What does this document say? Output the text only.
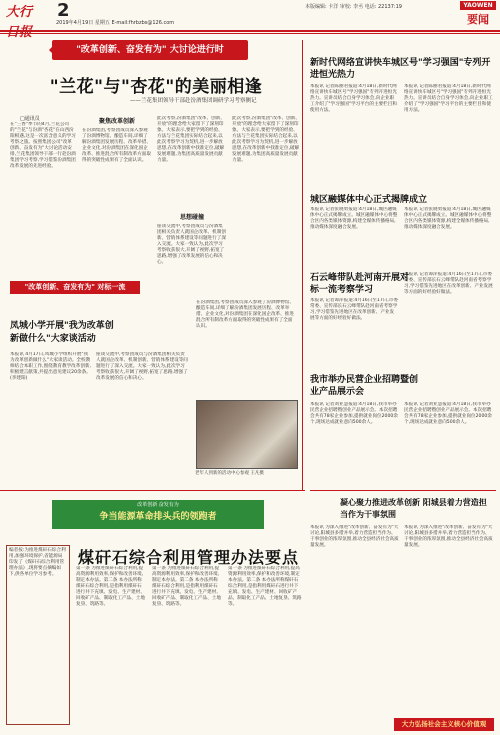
大行	2
2019年4月19日 星期五 E-mail:fhrbzbs@126.com
本版编辑: 卡洋 审校: 李丞 电话: 22137:19	YAOWEN
要闻
"改革创新、奋发有为" 大讨论进行时
"兰花"与"杏花"的美丽相逢
——兰花集团领导干部赴汾酒集团调研学习考察侧记
□通讯员
在"三香"季节的4月,兰花公司的"兰花"与汾酒"杏花"在山西汾阳相遇,这是一次富含意义的学习考察之旅。按照集团公司"改革创新、奋发有为"大讨论活动安排,兰花集团领导干部一行赴汾酒集团学习考察,学习借鉴汾酒集团改革发展的先进经验。
聚焦改革创新
在汾酒集团,考察团成员深入参观了汾酒博物馆、酿造车间,详细了解汾酒集团发展历程、改革举措、企业文化,对汾酒集团在深化国企改革、推进混合所有制改革方面取得的突破性成果有了全面认识。
此次考察,汾酒集团"改革、创新、开放"的理念给大家留下了深刻印象。大家表示,要把学到的经验、方法与兰花集团实际结合起来,以此次考察学习为契机,进一步解放思想,在改革创新中找准定位,破解发展难题,为集团高质量发展贡献力量。
思想碰撞
座谈交流中,考察团成员与汾酒集团相关负责人就国企改革、机制创新、营销体系建设等问题进行了深入交流。大家一致认为,此次学习考察收获很大,开阔了视野,拓宽了思路,增强了改革发展的信心和决心。
此次考察,汾酒集团"改革、创新、开放"的理念给大家留下了深刻印象。大家表示,要把学到的经验、方法与兰花集团实际结合起来,以此次考察学习为契机,进一步解放思想,在改革创新中找准定位,破解发展难题,为集团高质量发展贡献力量。
"改革创新、奋发有为" 对标一流
凤城小学开展"我为改革创新做什么"大家谈活动
本报讯 4月17日,凤城小学组织开展"我为改革创新做什么"大家谈活动。全校教师结合本职工作,围绕教育教学改革创新,积极建言献策,共提出意见建议20余条。(李建阳)
座谈交流中,考察团成员与汾酒集团相关负责人就国企改革、机制创新、营销体系建设等问题进行了深入交流。大家一致认为,此次学习考察收获很大,开阔了视野,拓宽了思路,增强了改革发展的信心和决心。
在汾酒集团,考察团成员深入参观了汾酒博物馆、酿造车间,详细了解汾酒集团发展历程、改革举措、企业文化,对汾酒集团在深化国企改革、推进混合所有制改革方面取得的突破性成果有了全面认识。
老年人到新的活动中心参观 王凡摄
改革创新 奋发有为
争当能源革命排头兵的领跑者
煤矸石综合利用管理办法要点
编者按:为推进煤矸石综合利用,加强环境保护,省能源局印发了《煤矸石综合利用管理办法》,现将要点摘编如下,供各单位学习参考。
第一条 为推进煤矸石综合利用,提高资源利用效率,保护和改善环境,制定本办法。第二条 本办法所称煤矸石综合利用,是指利用煤矸石进行井下充填、发电、生产建材、回收矿产品、制取化工产品、土地复垦、筑路等。
第一条 为推进煤矸石综合利用,提高资源利用效率,保护和改善环境,制定本办法。第二条 本办法所称煤矸石综合利用,是指利用煤矸石进行井下充填、发电、生产建材、回收矿产品、制取化工产品、土地复垦、筑路等。
第一条 为推进煤矸石综合利用,提高资源利用效率,保护和改善环境,制定本办法。第二条 本办法所称煤矸石综合利用,是指利用煤矸石进行井下充填、发电、生产建材、回收矿产品、制取化工产品、土地复垦、筑路等。
新时代网络宣讲快车城区号"学习强国"专列开进恒光热力
本报讯 记者陈丽君报道:4月18日,新时代网络宣讲快车城区号"学习强国"专列开进恒光热力。宣讲员结合自身学习体会,向企业职工介绍了"学习强国"学习平台的主要栏目和使用方法。
本报讯 记者陈丽君报道:4月18日,新时代网络宣讲快车城区号"学习强国"专列开进恒光热力。宣讲员结合自身学习体会,向企业职工介绍了"学习强国"学习平台的主要栏目和使用方法。
城区融媒体中心正式揭牌成立
本报讯 记者张晓勇报道:4月18日,城区融媒体中心正式揭牌成立。城区融媒体中心将整合区内各类媒体资源,构建全媒体传播格局,推动媒体深度融合发展。
本报讯 记者张晓勇报道:4月18日,城区融媒体中心正式揭牌成立。城区融媒体中心将整合区内各类媒体资源,构建全媒体传播格局,推动媒体深度融合发展。
石云峰带队赴河南开展对标一流考察学习
本报讯 记者谭萍报道:4月16日至17日,市委常委、宣传部长石云峰带队赴河南省考察学习,学习借鉴先进地区在改革创新、产业发展等方面的好经验好做法。
本报讯 记者谭萍报道:4月16日至17日,市委常委、宣传部长石云峰带队赴河南省考察学习,学习借鉴先进地区在改革创新、产业发展等方面的好经验好做法。
我市举办民营企业招聘暨创业产品展示会
本报讯 记者刘亚慧报道:4月18日,我市举办民营企业招聘暨创业产品展示会。本次招聘会共有78家企业参加,提供就业岗位2000余个,现场达成就业意向500余人。
本报讯 记者刘亚慧报道:4月18日,我市举办民营企业招聘暨创业产品展示会。本次招聘会共有78家企业参加,提供就业岗位2000余个,现场达成就业意向500余人。
凝心聚力推进改革创新 阳城县着力营造担当作为干事氛围
本报讯 为深入推进"改革创新、奋发有为"大讨论,阳城县多措并举,着力营造担当作为、干事创业的浓厚氛围,推动全县经济社会高质量发展。
本报讯 为深入推进"改革创新、奋发有为"大讨论,阳城县多措并举,着力营造担当作为、干事创业的浓厚氛围,推动全县经济社会高质量发展。
大力弘扬社会主义核心价值观
